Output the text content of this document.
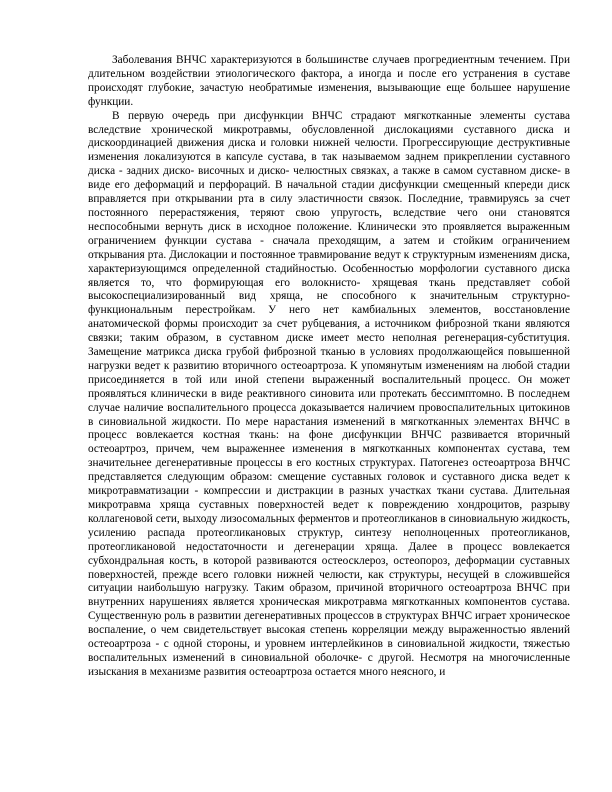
Заболевания ВНЧС характеризуются в большинстве случаев прогредиентным течением. При длительном воздействии этиологического фактора, а иногда и после его устранения в суставе происходят глубокие, зачастую необратимые изменения, вызывающие еще большее нарушение функции.

В первую очередь при дисфункции ВНЧС страдают мягкотканные элементы сустава вследствие хронической микротравмы, обусловленной дислокациями суставного диска и дискоординацией движения диска и головки нижней челюсти. Прогрессирующие деструктивные изменения локализуются в капсуле сустава, в так называемом заднем прикреплении суставного диска - задних диско- височных и диско- челюстных связках, а также в самом суставном диске- в виде его деформаций и перфораций. В начальной стадии дисфункции смещенный кпереди диск вправляется при открывании рта в силу эластичности связок. Последние, травмируясь за счет постоянного перерастяжения, теряют свою упругость, вследствие чего они становятся неспособными вернуть диск в исходное положение. Клинически это проявляется выраженным ограничением функции сустава - сначала преходящим, а затем и стойким ограничением открывания рта. Дислокации и постоянное травмирование ведут к структурным изменениям диска, характеризующимся определенной стадийностью. Особенностью морфологии суставного диска является то, что формирующая его волокнисто- хрящевая ткань представляет собой высокоспециализированный вид хряща, не способного к значительным структурно-функциональным перестройкам. У него нет камбиальных элементов, восстановление анатомической формы происходит за счет рубцевания, а источником фиброзной ткани являются связки; таким образом, в суставном диске имеет место неполная регенерация-субституция. Замещение матрикса диска грубой фиброзной тканью в условиях продолжающейся повышенной нагрузки ведет к развитию вторичного остеоартроза. К упомянутым изменениям на любой стадии присоединяется в той или иной степени выраженный воспалительный процесс. Он может проявляться клинически в виде реактивного синовита или протекать бессимптомно. В последнем случае наличие воспалительного процесса доказывается наличием провоспалительных цитокинов в синовиальной жидкости. По мере нарастания изменений в мягкотканных элементах ВНЧС в процесс вовлекается костная ткань: на фоне дисфункции ВНЧС развивается вторичный остеоартроз, причем, чем выраженнее изменения в мягкотканных компонентах сустава, тем значительнее дегенеративные процессы в его костных структурах. Патогенез остеоартроза ВНЧС представляется следующим образом: смещение суставных головок и суставного диска ведет к микротравматизации - компрессии и дистракции в разных участках ткани сустава. Длительная микротравма хряща суставных поверхностей ведет к повреждению хондроцитов, разрыву коллагеновой сети, выходу лизосомальных ферментов и протеогликанов в синовиальную жидкость, усилению распада протеогликановых структур, синтезу неполноценных протеогликанов, протеогликановой недостаточности и дегенерации хряща. Далее в процесс вовлекается субхондральная кость, в которой развиваются остеосклероз, остеопороз, деформации суставных поверхностей, прежде всего головки нижней челюсти, как структуры, несущей в сложившейся ситуации наибольшую нагрузку. Таким образом, причиной вторичного остеоартроза ВНЧС при внутренних нарушениях является хроническая микротравма мягкотканных компонентов сустава. Существенную роль в развитии дегенеративных процессов в структурах ВНЧС играет хроническое воспаление, о чем свидетельствует высокая степень корреляции между выраженностью явлений остеоартроза - с одной стороны, и уровнем интерлейкинов в синовиальной жидкости, тяжестью воспалительных изменений в синовиальной оболочке- с другой. Несмотря на многочисленные изыскания в механизме развития остеоартроза остается много неясного, и
